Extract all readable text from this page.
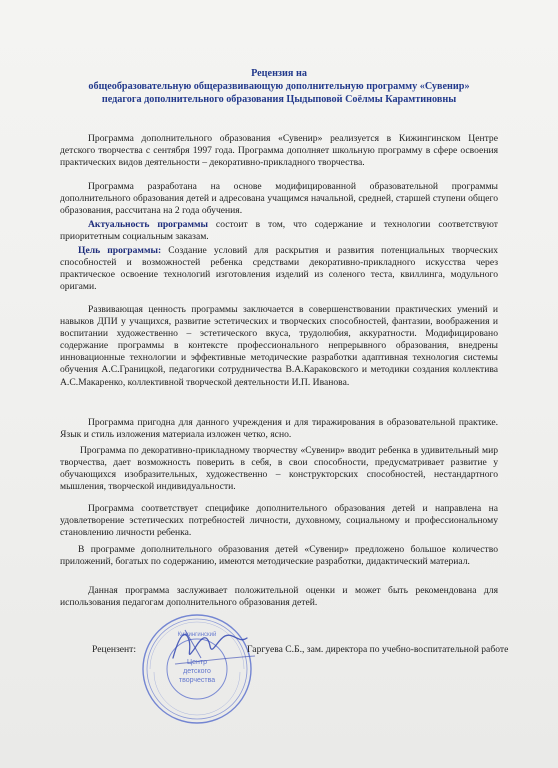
Рецензия на
общеобразовательную общеразвивающую дополнительную программу «Сувенир»
педагога дополнительного образования Цыдыповой Соёлмы Карамтиновны
Программа дополнительного образования «Сувенир» реализуется в Кижингинском Центре детского творчества с сентября 1997 года. Программа дополняет школьную программу в сфере освоения практических видов деятельности – декоративно-прикладного творчества.
Программа разработана на основе модифицированной образовательной программы дополнительного образования детей и адресована учащимся начальной, средней, старшей ступени общего образования, рассчитана на 2 года обучения.
Актуальность программы состоит в том, что содержание и технологии соответствуют приоритетным социальным заказам.
Цель программы: Создание условий для раскрытия и развития потенциальных творческих способностей и возможностей ребенка средствами декоративно-прикладного искусства через практическое освоение технологий изготовления изделий из соленого теста, квиллинга, модульного оригами.
Развивающая ценность программы заключается в совершенствовании практических умений и навыков ДПИ у учащихся, развитие эстетических и творческих способностей, фантазии, воображения и воспитании художественно – эстетического вкуса, трудолюбия, аккуратности. Модифицировано содержание программы в контексте профессионального непрерывного образования, внедрены инновационные технологии и эффективные методические разработки адаптивная технология системы обучения А.С.Границкой, педагогики сотрудничества В.А.Караковского и методики создания коллектива А.С.Макаренко, коллективной творческой деятельности И.П. Иванова.
Программа пригодна для данного учреждения и для тиражирования в образовательной практике. Язык и стиль изложения материала изложен четко, ясно.
Программа по декоративно-прикладному творчеству «Сувенир» вводит ребенка в удивительный мир творчества, дает возможность поверить в себя, в свои способности, предусматривает развитие у обучающихся изобразительных, художественно – конструкторских способностей, нестандартного мышления, творческой индивидуальности.
Программа соответствует специфике дополнительного образования детей и направлена на удовлетворение эстетических потребностей личности, духовному, социальному и профессиональному становлению личности ребенка.
В программе дополнительного образования детей «Сувенир» предложено большое количество приложений, богатых по содержанию, имеются методические разработки, дидактический материал.
Данная программа заслуживает положительной оценки и может быть рекомендована для использования педагогам дополнительного образования детей.
Кижингинский
Центр
детского
творчества
Рецензент:	Гаргуева С.Б., зам. директора по учебно-воспитательной работе
